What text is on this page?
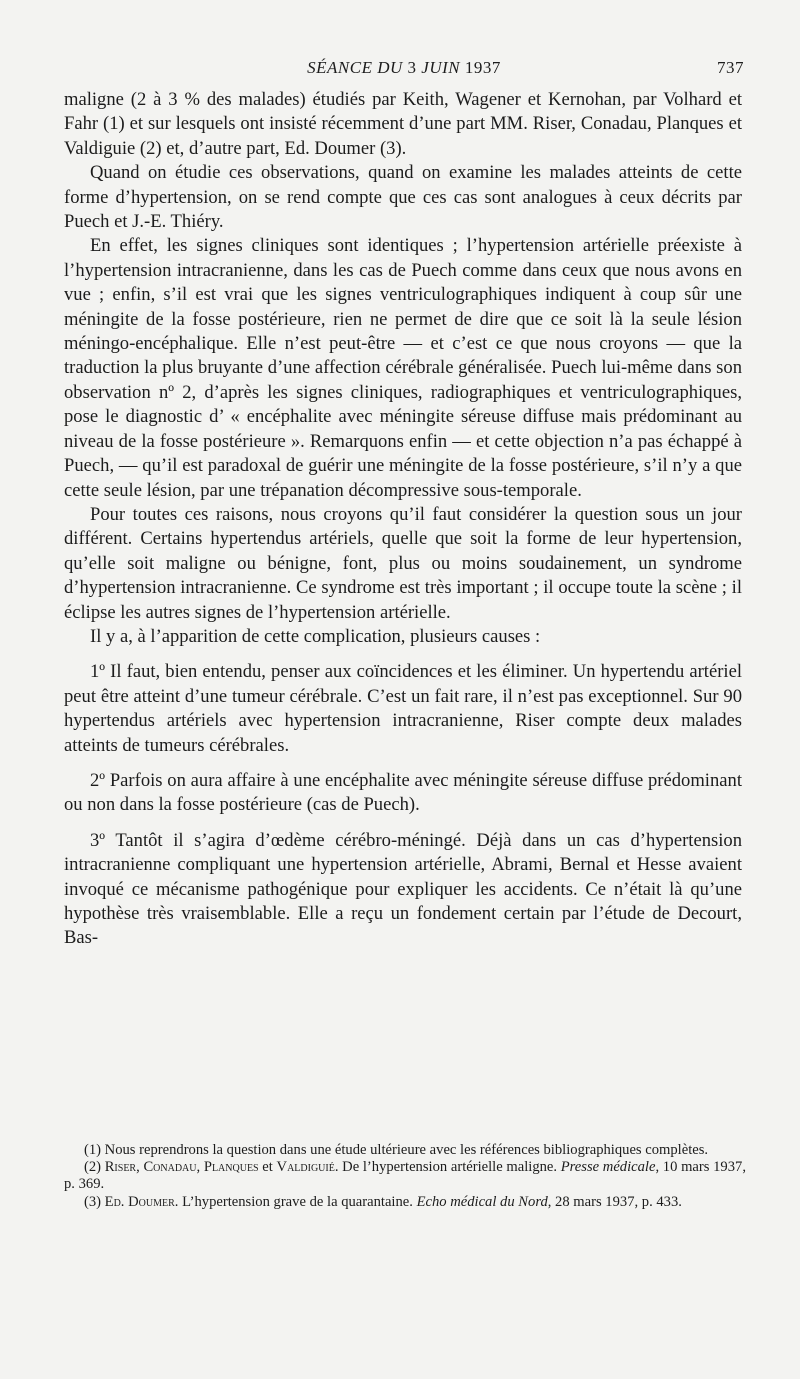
SÉANCE DU 3 JUIN 1937	737

maligne (2 à 3 % des malades) étudiés par Keith, Wagener et Kernohan, par Volhard et Fahr (1) et sur lesquels ont insisté récemment d’une part MM. Riser, Conadau, Planques et Valdiguie (2) et, d’autre part, Ed. Doumer (3).

Quand on étudie ces observations, quand on examine les malades atteints de cette forme d’hypertension, on se rend compte que ces cas sont analogues à ceux décrits par Puech et J.-E. Thiéry.

En effet, les signes cliniques sont identiques ; l’hypertension artérielle préexiste à l’hypertension intracranienne, dans les cas de Puech comme dans ceux que nous avons en vue ; enfin, s’il est vrai que les signes ventriculographiques indiquent à coup sûr une méningite de la fosse postérieure, rien ne permet de dire que ce soit là la seule lésion méningo-encéphalique. Elle n’est peut-être — et c’est ce que nous croyons — que la traduction la plus bruyante d’une affection cérébrale généralisée. Puech lui-même dans son observation nº 2, d’après les signes cliniques, radiographiques et ventriculographiques, pose le diagnostic d’ « encéphalite avec méningite séreuse diffuse mais prédominant au niveau de la fosse postérieure ». Remarquons enfin — et cette objection n’a pas échappé à Puech, — qu’il est paradoxal de guérir une méningite de la fosse postérieure, s’il n’y a que cette seule lésion, par une trépanation décompressive sous-temporale.

Pour toutes ces raisons, nous croyons qu’il faut considérer la question sous un jour différent. Certains hypertendus artériels, quelle que soit la forme de leur hypertension, qu’elle soit maligne ou bénigne, font, plus ou moins soudainement, un syndrome d’hypertension intracranienne. Ce syndrome est très important ; il occupe toute la scène ; il éclipse les autres signes de l’hypertension artérielle.

Il y a, à l’apparition de cette complication, plusieurs causes :

1º Il faut, bien entendu, penser aux coïncidences et les éliminer. Un hypertendu artériel peut être atteint d’une tumeur cérébrale. C’est un fait rare, il n’est pas exceptionnel. Sur 90 hypertendus artériels avec hypertension intracranienne, Riser compte deux malades atteints de tumeurs cérébrales.

2º Parfois on aura affaire à une encéphalite avec méningite séreuse diffuse prédominant ou non dans la fosse postérieure (cas de Puech).

3º Tantôt il s’agira d’œdème cérébro-méningé. Déjà dans un cas d’hypertension intracranienne compliquant une hypertension artérielle, Abrami, Bernal et Hesse avaient invoqué ce mécanisme pathogénique pour expliquer les accidents. Ce n’était là qu’une hypothèse très vraisemblable. Elle a reçu un fondement certain par l’étude de Decourt, Bas-

(1) Nous reprendrons la question dans une étude ultérieure avec les références bibliographiques complètes.

(2) Riser, Conadau, Planques et Valdiguié. De l’hypertension artérielle maligne. Presse médicale, 10 mars 1937, p. 369.

(3) Ed. Doumer. L’hypertension grave de la quarantaine. Echo médical du Nord, 28 mars 1937, p. 433.
